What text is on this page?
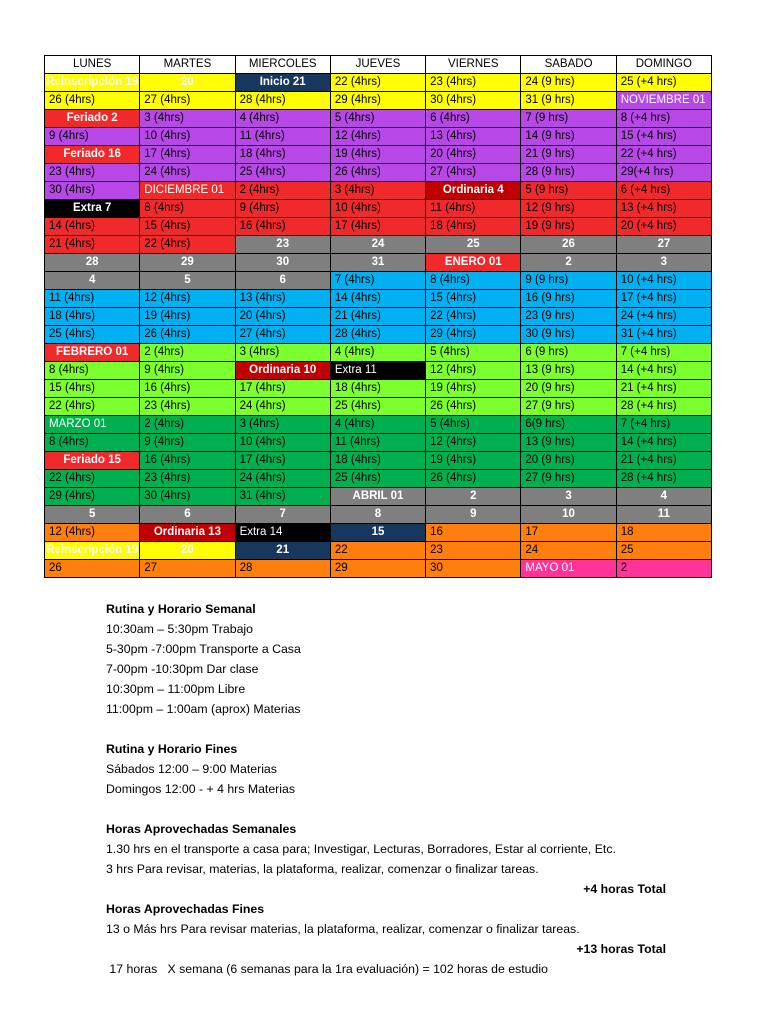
LUNES	MARTES	MIERCOLES	JUEVES	VIERNES	SABADO	DOMINGO
Reinscripción 19	20	Inicio 21	22 (4hrs)	23 (4hrs)	24 (9 hrs)	25 (+4 hrs)
26 (4hrs)	27 (4hrs)	28 (4hrs)	29 (4hrs)	30 (4hrs)	31 (9 hrs)	NOVIEMBRE 01
Feriado 2	3 (4hrs)	4 (4hrs)	5 (4hrs)	6 (4hrs)	7 (9 hrs)	8 (+4 hrs)
9 (4hrs)	10 (4hrs)	11 (4hrs)	12 (4hrs)	13 (4hrs)	14 (9 hrs)	15 (+4 hrs)
Feriado 16	17 (4hrs)	18 (4hrs)	19 (4hrs)	20 (4hrs)	21 (9 hrs)	22 (+4 hrs)
23 (4hrs)	24 (4hrs)	25 (4hrs)	26 (4hrs)	27 (4hrs)	28 (9 hrs)	29(+4 hrs)
30 (4hrs)	DICIEMBRE 01	2 (4hrs)	3 (4hrs)	Ordinaria 4	5 (9 hrs)	6 (+4 hrs)
Extra 7	8 (4hrs)	9 (4hrs)	10 (4hrs)	11 (4hrs)	12 (9 hrs)	13 (+4 hrs)
14 (4hrs)	15 (4hrs)	16 (4hrs)	17 (4hrs)	18 (4hrs)	19 (9 hrs)	20 (+4 hrs)
21 (4hrs)	22 (4hrs)	23	24	25	26	27
28	29	30	31	ENERO 01	2	3
4	5	6	7 (4hrs)	8 (4hrs)	9 (9 hrs)	10 (+4 hrs)
11 (4hrs)	12 (4hrs)	13 (4hrs)	14 (4hrs)	15 (4hrs)	16 (9 hrs)	17 (+4 hrs)
18 (4hrs)	19 (4hrs)	20 (4hrs)	21 (4hrs)	22 (4hrs)	23 (9 hrs)	24 (+4 hrs)
25 (4hrs)	26 (4hrs)	27 (4hrs)	28 (4hrs)	29 (4hrs)	30 (9 hrs)	31 (+4 hrs)
FEBRERO 01	2 (4hrs)	3 (4hrs)	4 (4hrs)	5 (4hrs)	6 (9 hrs)	7 (+4 hrs)
8 (4hrs)	9 (4hrs)	Ordinaria 10	Extra 11	12 (4hrs)	13 (9 hrs)	14 (+4 hrs)
15 (4hrs)	16 (4hrs)	17 (4hrs)	18 (4hrs)	19 (4hrs)	20 (9 hrs)	21 (+4 hrs)
22 (4hrs)	23 (4hrs)	24 (4hrs)	25 (4hrs)	26 (4hrs)	27 (9 hrs)	28 (+4 hrs)
MARZO 01	2 (4hrs)	3 (4hrs)	4 (4hrs)	5 (4hrs)	6(9 hrs)	7 (+4 hrs)
8 (4hrs)	9 (4hrs)	10 (4hrs)	11 (4hrs)	12 (4hrs)	13 (9 hrs)	14 (+4 hrs)
Feriado 15	16 (4hrs)	17 (4hrs)	18 (4hrs)	19 (4hrs)	20 (9 hrs)	21 (+4 hrs)
22 (4hrs)	23 (4hrs)	24 (4hrs)	25 (4hrs)	26 (4hrs)	27 (9 hrs)	28 (+4 hrs)
29 (4hrs)	30 (4hrs)	31 (4hrs)	ABRIL 01	2	3	4
5	6	7	8	9	10	11
12 (4hrs)	Ordinaria 13	Extra 14	15	16	17	18
Reinscripción 19	20	21	22	23	24	25
26	27	28	29	30	MAYO 01	2
Rutina y Horario Semanal
10:30am – 5:30pm Trabajo
5-30pm -7:00pm Transporte a Casa
7-00pm -10:30pm Dar clase
10:30pm – 11:00pm Libre
11:00pm – 1:00am (aprox) Materias
Rutina y Horario Fines
Sábados 12:00 – 9:00 Materias
Domingos 12:00 - + 4 hrs Materias
Horas Aprovechadas Semanales
1.30 hrs en el transporte a casa para; Investigar, Lecturas, Borradores, Estar al corriente, Etc.
3 hrs Para revisar, materias, la plataforma, realizar, comenzar o finalizar tareas.
+4 horas Total
Horas Aprovechadas Fines
13 o Más hrs Para revisar materias, la plataforma, realizar, comenzar o finalizar tareas.
+13 horas Total
17 horas   X semana (6 semanas para la 1ra evaluación) = 102 horas de estudio
